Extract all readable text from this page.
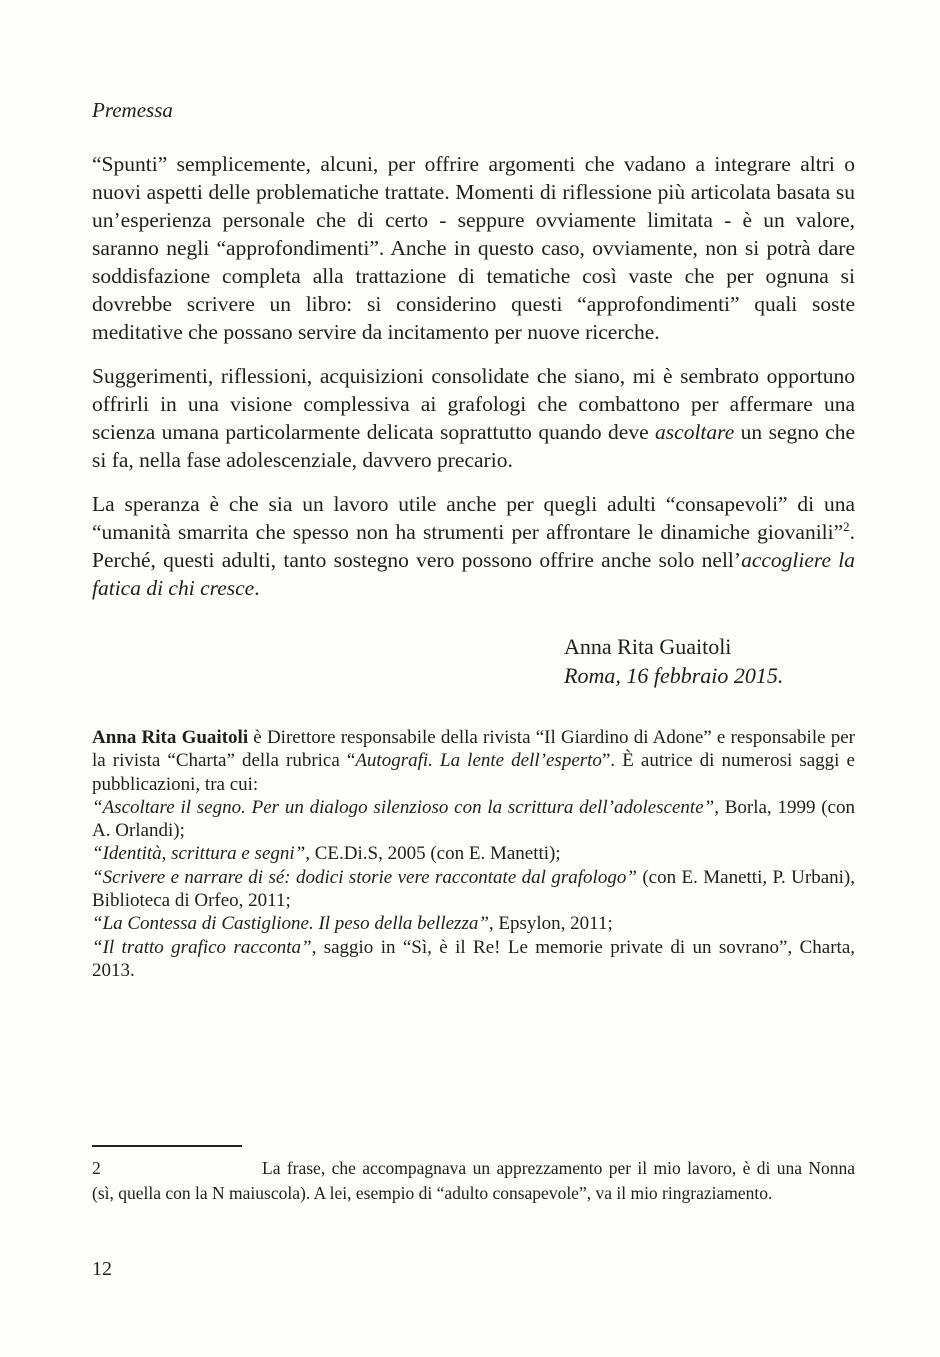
Premessa

“Spunti” semplicemente, alcuni, per offrire argomenti che vadano a integrare altri o nuovi aspetti delle problematiche trattate. Momenti di riflessione più articolata basata su un’esperienza personale che di certo - seppure ovviamente limitata - è un valore, saranno negli “approfondimenti”. Anche in questo caso, ovviamente, non si potrà dare soddisfazione completa alla trattazione di tematiche così vaste che per ognuna si dovrebbe scrivere un libro: si considerino questi “approfondimenti” quali soste meditative che possano servire da incitamento per nuove ricerche.

Suggerimenti, riflessioni, acquisizioni consolidate che siano, mi è sembrato opportuno offrirli in una visione complessiva ai grafologi che combattono per affermare una scienza umana particolarmente delicata soprattutto quando deve ascoltare un segno che si fa, nella fase adolescenziale, davvero precario.

La speranza è che sia un lavoro utile anche per quegli adulti “consapevoli” di una “umanità smarrita che spesso non ha strumenti per affrontare le dinamiche giovanili”$^2$. Perché, questi adulti, tanto sostegno vero possono offrire anche solo nell’accogliere la fatica di chi cresce.

Anna Rita Guaitoli
Roma, 16 febbraio 2015.

Anna Rita Guaitoli è Direttore responsabile della rivista “Il Giardino di Adone” e responsabile per la rivista “Charta” della rubrica “Autografi. La lente dell’esperto”. È autrice di numerosi saggi e pubblicazioni, tra cui:

“Ascoltare il segno. Per un dialogo silenzioso con la scrittura dell’adolescente”, Borla, 1999 (con A. Orlandi);

“Identità, scrittura e segni”, CE.Di.S, 2005 (con E. Manetti);

“Scrivere e narrare di sé: dodici storie vere raccontate dal grafologo” (con E. Manetti, P. Urbani), Biblioteca di Orfeo, 2011;

“La Contessa di Castiglione. Il peso della bellezza”, Epsylon, 2011;

“Il tratto grafico racconta”, saggio in “Sì, è il Re! Le memorie private di un sovrano”, Charta, 2013.

2	La frase, che accompagnava un apprezzamento per il mio lavoro, è di una Nonna (sì, quella con la N maiuscola). A lei, esempio di “adulto consapevole”, va il mio ringraziamento.

12
